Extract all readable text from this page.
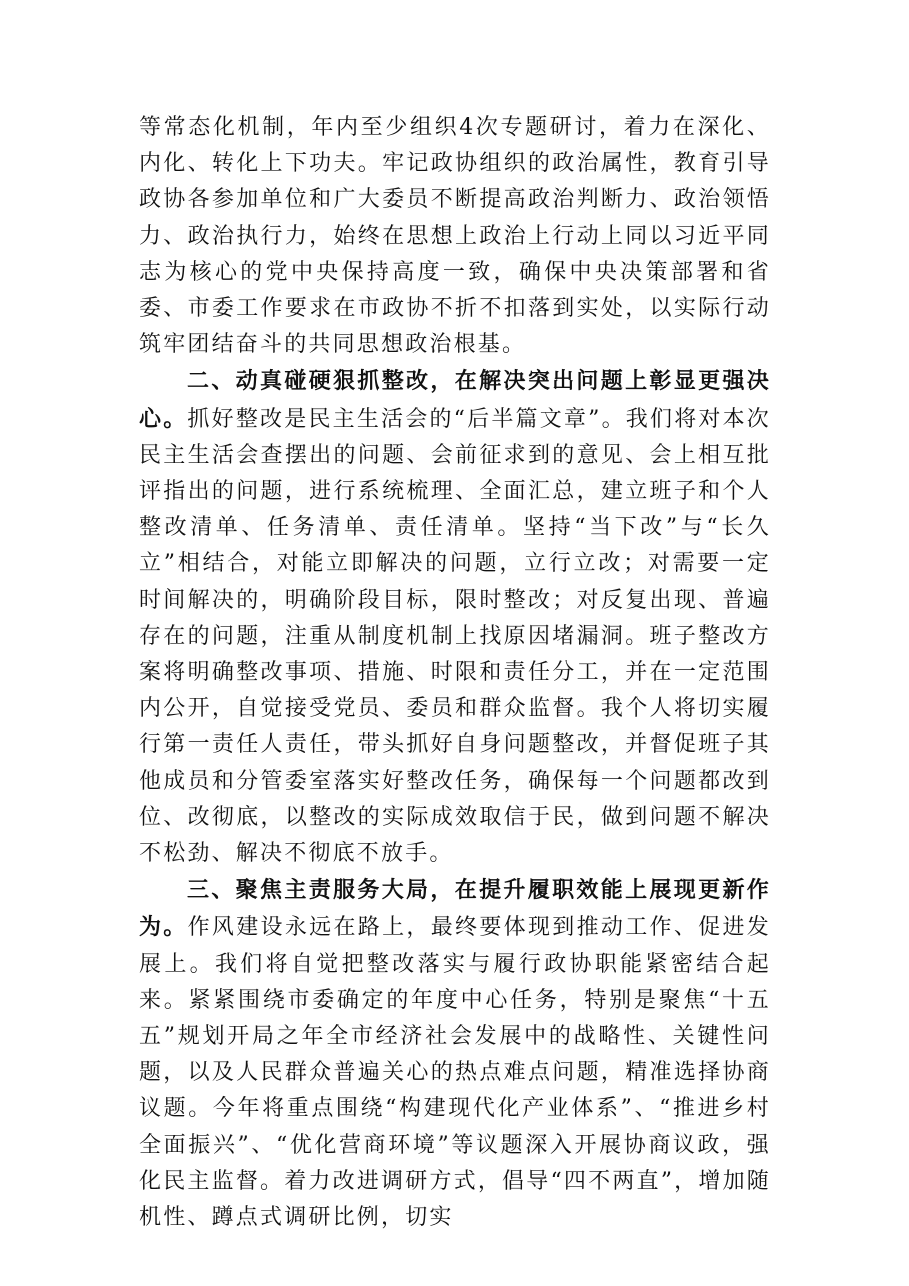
等常态化机制，年内至少组织4次专题研讨，着力在深化、内化、转化上下功夫。牢记政协组织的政治属性，教育引导政协各参加单位和广大委员不断提高政治判断力、政治领悟力、政治执行力，始终在思想上政治上行动上同以习近平同志为核心的党中央保持高度一致，确保中央决策部署和省委、市委工作要求在市政协不折不扣落到实处，以实际行动筑牢团结奋斗的共同思想政治根基。

二、动真碰硬狠抓整改，在解决突出问题上彰显更强决心。抓好整改是民主生活会的“后半篇文章”。我们将对本次民主生活会查摆出的问题、会前征求到的意见、会上相互批评指出的问题，进行系统梳理、全面汇总，建立班子和个人整改清单、任务清单、责任清单。坚持“当下改”与“长久立”相结合，对能立即解决的问题，立行立改；对需要一定时间解决的，明确阶段目标，限时整改；对反复出现、普遍存在的问题，注重从制度机制上找原因堵漏洞。班子整改方案将明确整改事项、措施、时限和责任分工，并在一定范围内公开，自觉接受党员、委员和群众监督。我个人将切实履行第一责任人责任，带头抓好自身问题整改，并督促班子其他成员和分管委室落实好整改任务，确保每一个问题都改到位、改彻底，以整改的实际成效取信于民，做到问题不解决不松劲、解决不彻底不放手。

三、聚焦主责服务大局，在提升履职效能上展现更新作为。作风建设永远在路上，最终要体现到推动工作、促进发展上。我们将自觉把整改落实与履行政协职能紧密结合起来。紧紧围绕市委确定的年度中心任务，特别是聚焦“十五五”规划开局之年全市经济社会发展中的战略性、关键性问题，以及人民群众普遍关心的热点难点问题，精准选择协商议题。今年将重点围绕“构建现代化产业体系”、“推进乡村全面振兴”、“优化营商环境”等议题深入开展协商议政，强化民主监督。着力改进调研方式，倡导“四不两直”，增加随机性、蹲点式调研比例，切实
